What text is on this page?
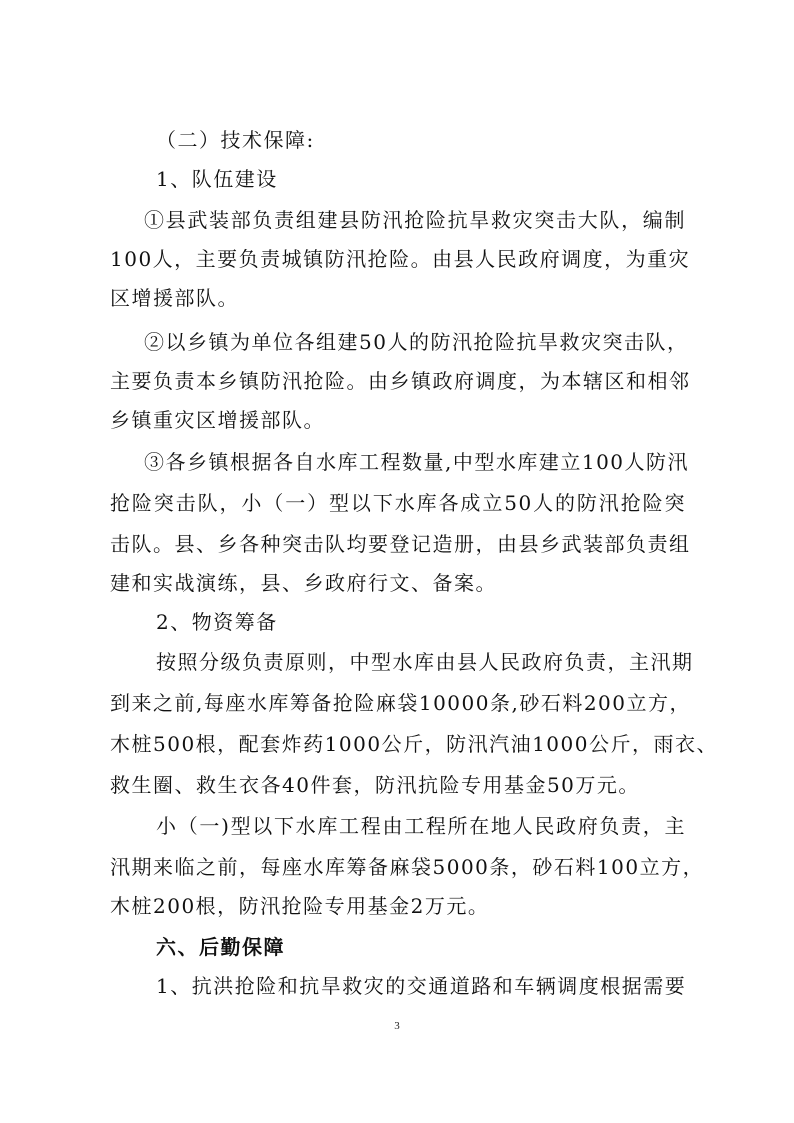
（二）技术保障:
1、队伍建设
①县武装部负责组建县防汛抢险抗旱救灾突击大队，编制
100人，主要负责城镇防汛抢险。由县人民政府调度，为重灾
区增援部队。
②以乡镇为单位各组建50人的防汛抢险抗旱救灾突击队，
主要负责本乡镇防汛抢险。由乡镇政府调度，为本辖区和相邻
乡镇重灾区增援部队。
③各乡镇根据各自水库工程数量,中型水库建立100人防汛
抢险突击队，小（一）型以下水库各成立50人的防汛抢险突
击队。县、乡各种突击队均要登记造册，由县乡武装部负责组
建和实战演练，县、乡政府行文、备案。
2、物资筹备
按照分级负责原则，中型水库由县人民政府负责，主汛期
到来之前,每座水库筹备抢险麻袋10000条,砂石料200立方，
木桩500根，配套炸药1000公斤，防汛汽油1000公斤，雨衣、
救生圈、救生衣各40件套，防汛抗险专用基金50万元。
小（一)型以下水库工程由工程所在地人民政府负责，主
汛期来临之前，每座水库筹备麻袋5000条，砂石料100立方，
木桩200根，防汛抢险专用基金2万元。
六、后勤保障
1、抗洪抢险和抗旱救灾的交通道路和车辆调度根据需要
3
